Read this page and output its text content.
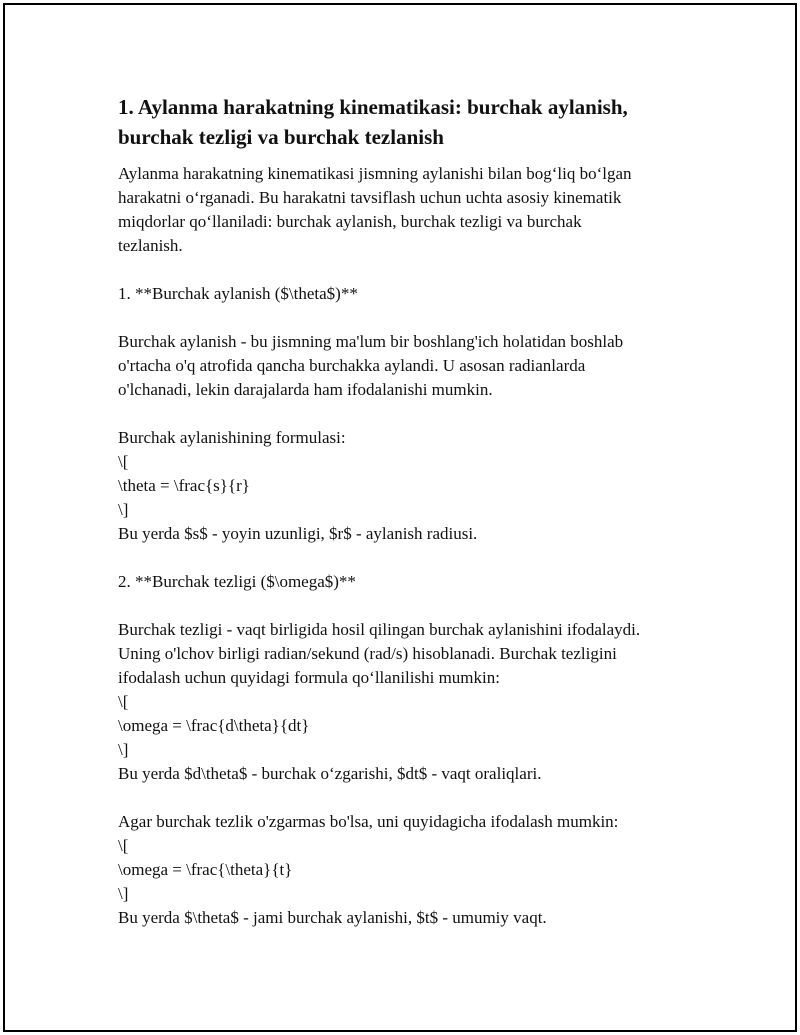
1. Aylanma harakatning kinematikasi: burchak aylanish,
burchak tezligi va burchak tezlanish
Aylanma harakatning kinematikasi jismning aylanishi bilan bog‘liq bo‘lgan
harakatni o‘rganadi. Bu harakatni tavsiflash uchun uchta asosiy kinematik
miqdorlar qo‘llaniladi: burchak aylanish, burchak tezligi va burchak
tezlanish.
1. **Burchak aylanish ($\theta$)**
Burchak aylanish - bu jismning ma'lum bir boshlang'ich holatidan boshlab
o'rtacha o'q atrofida qancha burchakka aylandi. U asosan radianlarda
o'lchanadi, lekin darajalarda ham ifodalanishi mumkin.
Burchak aylanishining formulasi:
\[
\theta = \frac{s}{r}
\]
Bu yerda $s$ - yoyin uzunligi, $r$ - aylanish radiusi.
2. **Burchak tezligi ($\omega$)**
Burchak tezligi - vaqt birligida hosil qilingan burchak aylanishini ifodalaydi.
Uning o'lchov birligi radian/sekund (rad/s) hisoblanadi. Burchak tezligini
ifodalash uchun quyidagi formula qo‘llanilishi mumkin:
\[
\omega = \frac{d\theta}{dt}
\]
Bu yerda $d\theta$ - burchak o‘zgarishi, $dt$ - vaqt oraliqlari.
Agar burchak tezlik o'zgarmas bo'lsa, uni quyidagicha ifodalash mumkin:
\[
\omega = \frac{\theta}{t}
\]
Bu yerda $\theta$ - jami burchak aylanishi, $t$ - umumiy vaqt.
